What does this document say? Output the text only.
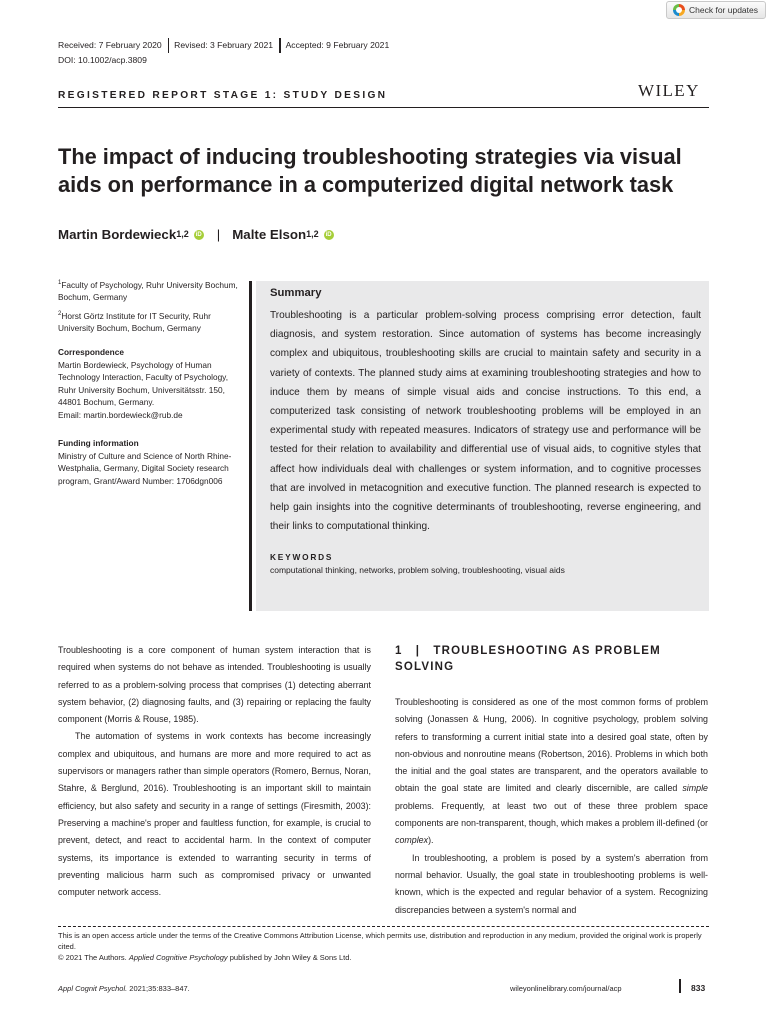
Check for updates
Received: 7 February 2020	Revised: 3 February 2021	Accepted: 9 February 2021
DOI: 10.1002/acp.3809
REGISTERED REPORT STAGE 1: STUDY DESIGN	WILEY
The impact of inducing troubleshooting strategies via visual aids on performance in a computerized digital network task
Martin Bordewieck$^{1,2}$	iD | Malte Elson$^{1,2}$	iD
$^1$Faculty of Psychology, Ruhr University Bochum, Bochum, Germany
$^2$Horst Görtz Institute for IT Security, Ruhr University Bochum, Bochum, Germany
Correspondence
Martin Bordewieck, Psychology of Human Technology Interaction, Faculty of Psychology, Ruhr University Bochum, Universitätsstr. 150, 44801 Bochum, Germany.
Email: martin.bordewieck@rub.de
Funding information
Ministry of Culture and Science of North Rhine-Westphalia, Germany, Digital Society research program, Grant/Award Number: 1706dgn006

Summary

Troubleshooting is a particular problem-solving process comprising error detection, fault diagnosis, and system restoration. Since automation of systems has become increasingly complex and ubiquitous, troubleshooting skills are crucial to maintain safety and security in a variety of contexts. The planned study aims at examining troubleshooting strategies and how to induce them by means of simple visual aids and concise instructions. To this end, a computerized task consisting of network troubleshooting problems will be employed in an experimental study with repeated measures. Indicators of strategy use and performance will be tested for their relation to availability and differential use of visual aids, to cognitive styles that affect how individuals deal with challenges or system information, and to cognitive processes that are involved in metacognition and executive function. The planned research is expected to help gain insights into the cognitive determinants of troubleshooting, reverse engineering, and their links to computational thinking.

KEYWORDS

computational thinking, networks, problem solving, troubleshooting, visual aids

Troubleshooting is a core component of human system interaction that is required when systems do not behave as intended. Troubleshooting is usually referred to as a problem-solving process that comprises (1) detecting aberrant system behavior, (2) diagnosing faults, and (3) repairing or replacing the faulty component (Morris & Rouse, 1985).

The automation of systems in work contexts has become increasingly complex and ubiquitous, and humans are more and more required to act as supervisors or managers rather than simple operators (Romero, Bernus, Noran, Stahre, & Berglund, 2016). Troubleshooting is an important skill to maintain efficiency, but also safety and security in a range of settings (Firesmith, 2003): Preserving a machine's proper and faultless function, for example, is crucial to prevent, detect, and react to accidental harm. In the context of computer systems, its importance is extended to warranting security in terms of preventing malicious harm such as compromised privacy or unwanted computer network access.

1 | TROUBLESHOOTING AS PROBLEM SOLVING

Troubleshooting is considered as one of the most common forms of problem solving (Jonassen & Hung, 2006). In cognitive psychology, problem solving refers to transforming a current initial state into a desired goal state, often by non-obvious and nonroutine means (Robertson, 2016). Problems in which both the initial and the goal states are transparent, and the operators available to obtain the goal state are limited and clearly discernible, are called simple problems. Frequently, at least two out of these three problem space components are non-transparent, though, which makes a problem ill-defined (or complex).

In troubleshooting, a problem is posed by a system's aberration from normal behavior. Usually, the goal state in troubleshooting problems is well-known, which is the expected and regular behavior of a system. Recognizing discrepancies between a system's normal and

This is an open access article under the terms of the Creative Commons Attribution License, which permits use, distribution and reproduction in any medium, provided the original work is properly cited.

© 2021 The Authors. Applied Cognitive Psychology published by John Wiley & Sons Ltd.

Appl Cognit Psychol. 2021;35:833–847.	wileyonlinelibrary.com/journal/acp	833
